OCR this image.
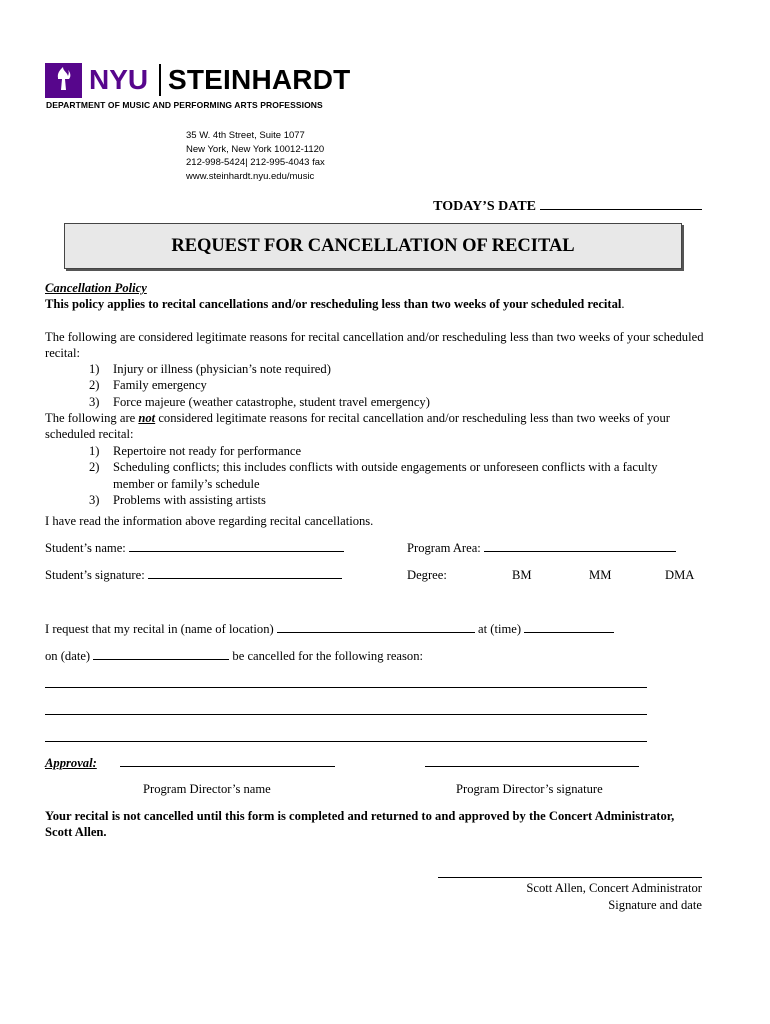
NYU STEINHARDT
DEPARTMENT OF MUSIC AND PERFORMING ARTS PROFESSIONS
35 W. 4th Street, Suite 1077
New York, New York 10012-1120
212-998-5424| 212-995-4043 fax
www.steinhardt.nyu.edu/music
TODAY’S DATE
REQUEST FOR CANCELLATION OF RECITAL
Cancellation Policy
This policy applies to recital cancellations and/or rescheduling less than two weeks of your scheduled recital.
The following are considered legitimate reasons for recital cancellation and/or rescheduling less than two weeks of your scheduled recital:
1)	Injury or illness (physician’s note required)
2)	Family emergency
3)	Force majeure (weather catastrophe, student travel emergency)
The following are not considered legitimate reasons for recital cancellation and/or rescheduling less than two weeks of your scheduled recital:
1)	Repertoire not ready for performance
2)	Scheduling conflicts; this includes conflicts with outside engagements or unforeseen conflicts with a faculty member or family’s schedule
3)	Problems with assisting artists
I have read the information above regarding recital cancellations.
Student’s name:	Program Area:
Student’s signature:	Degree:	BM	MM	DMA
I request that my recital in (name of location)	at (time)
on (date)	be cancelled for the following reason:
Approval:
Program Director’s name	Program Director’s signature
Your recital is not cancelled until this form is completed and returned to and approved by the Concert Administrator, Scott Allen.
Scott Allen, Concert Administrator
Signature and date
